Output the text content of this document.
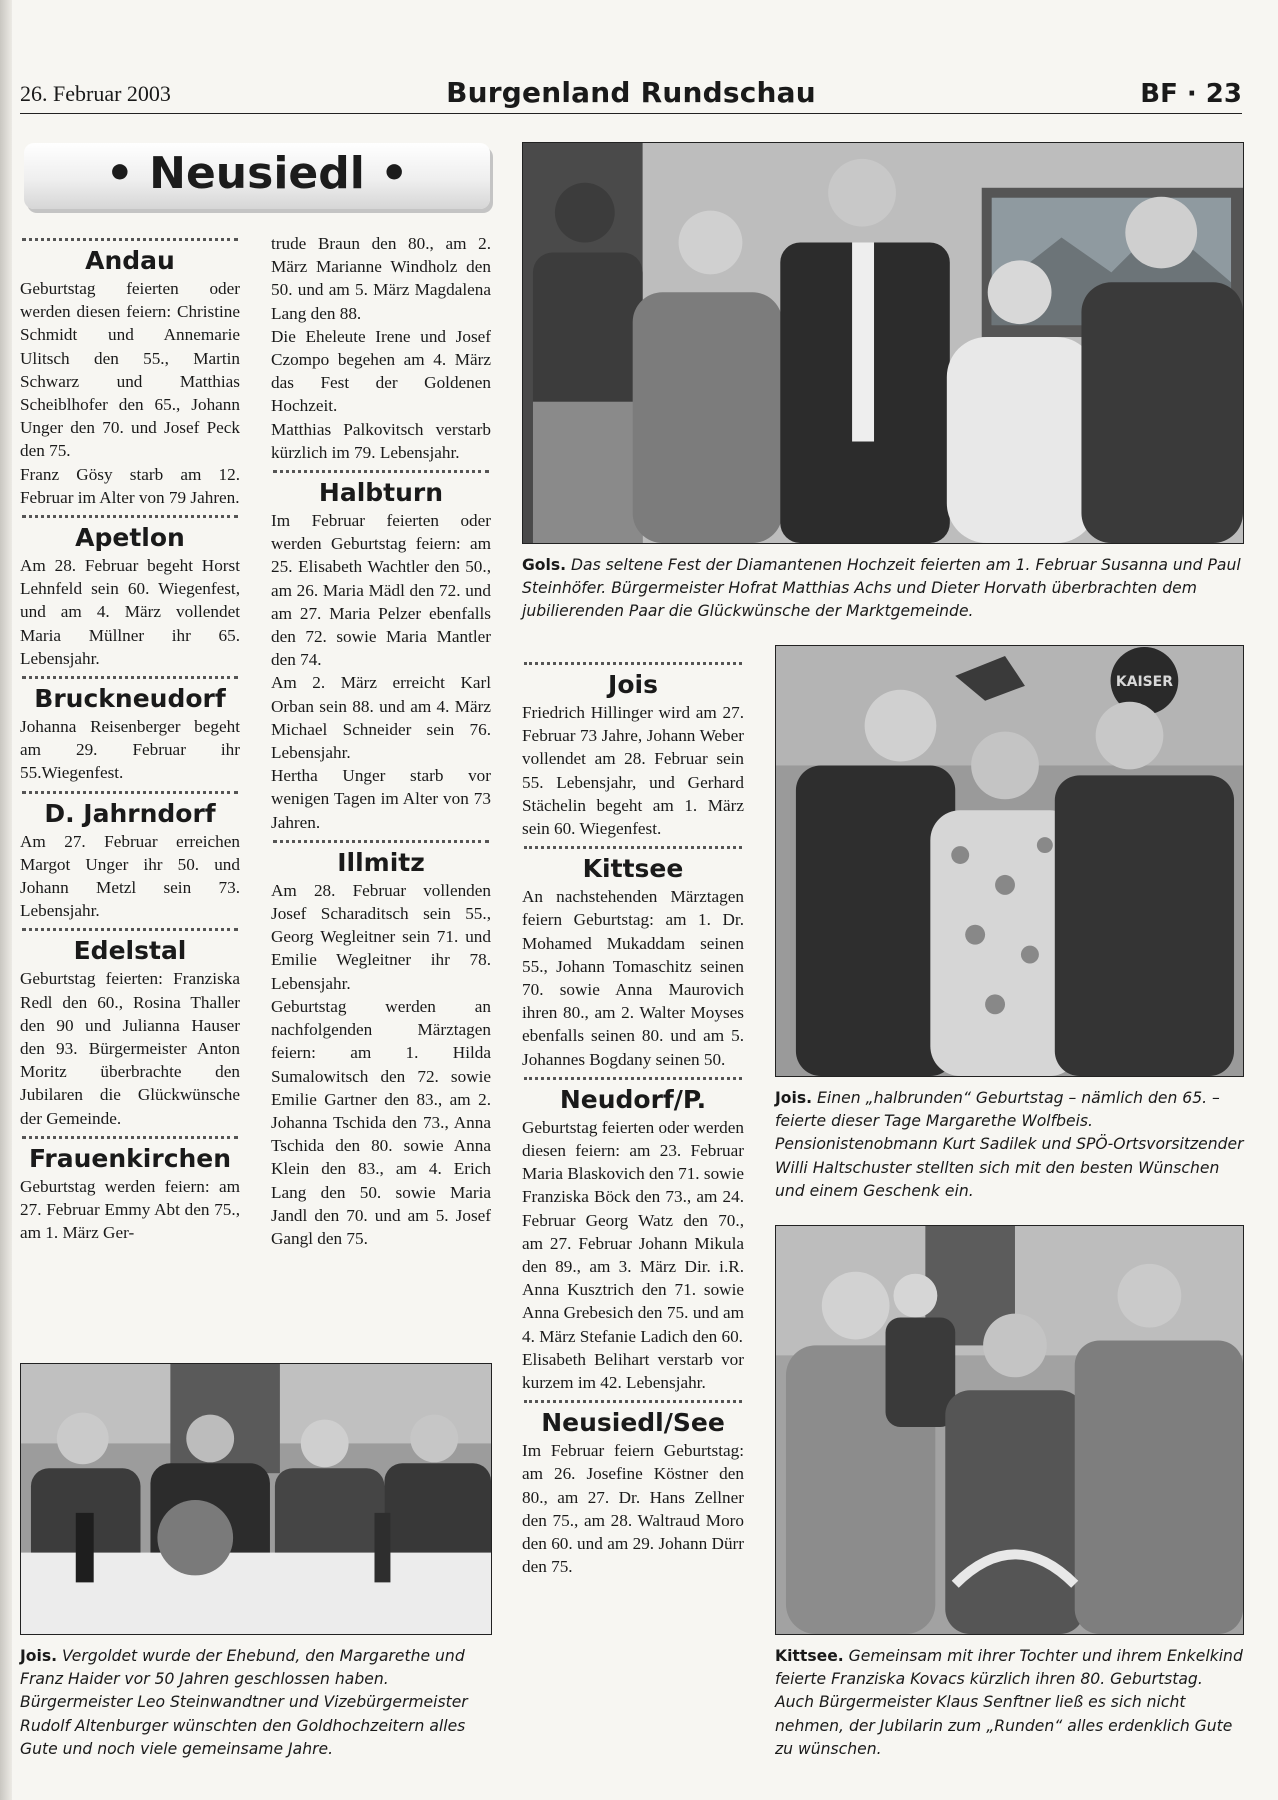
26. Februar 2003	Burgenland Rundschau	BF · 23
• Neusiedl •
Andau

Geburtstag feierten oder werden diesen feiern: Christine Schmidt und Annemarie Ulitsch den 55., Martin Schwarz und Matthias Scheiblhofer den 65., Johann Unger den 70. und Josef Peck den 75.

Franz Gösy starb am 12. Februar im Alter von 79 Jahren.

Apetlon

Am 28. Februar begeht Horst Lehnfeld sein 60. Wiegenfest, und am 4. März vollendet Maria Müllner ihr 65. Lebensjahr.

Bruckneudorf

Johanna Reisenberger begeht am 29. Februar ihr 55.Wiegenfest.

D. Jahrndorf

Am 27. Februar erreichen Margot Unger ihr 50. und Johann Metzl sein 73. Lebensjahr.

Edelstal

Geburtstag feierten: Franziska Redl den 60., Rosina Thaller den 90 und Julianna Hauser den 93. Bürgermeister Anton Moritz überbrachte den Jubilaren die Glückwünsche der Gemeinde.

Frauenkirchen

Geburtstag werden feiern: am 27. Februar Emmy Abt den 75., am 1. März Ger-

trude Braun den 80., am 2. März Marianne Windholz den 50. und am 5. März Magdalena Lang den 88.

Die Eheleute Irene und Josef Czompo begehen am 4. März das Fest der Goldenen Hochzeit.

Matthias Palkovitsch verstarb kürzlich im 79. Lebensjahr.

Halbturn

Im Februar feierten oder werden Geburtstag feiern: am 25. Elisabeth Wachtler den 50., am 26. Maria Mädl den 72. und am 27. Maria Pelzer ebenfalls den 72. sowie Maria Mantler den 74.

Am 2. März erreicht Karl Orban sein 88. und am 4. März Michael Schneider sein 76. Lebensjahr.

Hertha Unger starb vor wenigen Tagen im Alter von 73 Jahren.

Illmitz

Am 28. Februar vollenden Josef Scharaditsch sein 55., Georg Wegleitner sein 71. und Emilie Wegleitner ihr 78. Lebensjahr.

Geburtstag werden an nachfolgenden Märztagen feiern: am 1. Hilda Sumalowitsch den 72. sowie Emilie Gartner den 83., am 2. Johanna Tschida den 73., Anna Tschida den 80. sowie Anna Klein den 83., am 4. Erich Lang den 50. sowie Maria Jandl den 70. und am 5. Josef Gangl den 75.

Jois

Friedrich Hillinger wird am 27. Februar 73 Jahre, Johann Weber vollendet am 28. Februar sein 55. Lebensjahr, und Gerhard Stächelin begeht am 1. März sein 60. Wiegenfest.

Kittsee

An nachstehenden Märztagen feiern Geburtstag: am 1. Dr. Mohamed Mukaddam seinen 55., Johann Tomaschitz seinen 70. sowie Anna Maurovich ihren 80., am 2. Walter Moyses ebenfalls seinen 80. und am 5. Johannes Bogdany seinen 50.

Neudorf/P.

Geburtstag feierten oder werden diesen feiern: am 23. Februar Maria Blaskovich den 71. sowie Franziska Böck den 73., am 24. Februar Georg Watz den 70., am 27. Februar Johann Mikula den 89., am 3. März Dir. i.R. Anna Kusztrich den 71. sowie Anna Grebesich den 75. und am 4. März Stefanie Ladich den 60.

Elisabeth Belihart verstarb vor kurzem im 42. Lebensjahr.

Neusiedl/See

Im Februar feiern Geburtstag: am 26. Josefine Köstner den 80., am 27. Dr. Hans Zellner den 75., am 28. Waltraud Moro den 60. und am 29. Johann Dürr den 75.

Gols. Das seltene Fest der Diamantenen Hochzeit feierten am 1. Februar Susanna und Paul Steinhöfer. Bürgermeister Hofrat Matthias Achs und Dieter Horvath überbrachten dem jubilierenden Paar die Glückwünsche der Marktgemeinde.

KAISER

Jois. Einen „halbrunden“ Geburtstag – nämlich den 65. – feierte dieser Tage Margarethe Wolfbeis. Pensionistenobmann Kurt Sadilek und SPÖ-Ortsvorsitzender Willi Haltschuster stellten sich mit den besten Wünschen und einem Geschenk ein.

Jois. Vergoldet wurde der Ehebund, den Margarethe und Franz Haider vor 50 Jahren geschlossen haben. Bürgermeister Leo Steinwandtner und Vizebürgermeister Rudolf Altenburger wünschten den Goldhochzeitern alles Gute und noch viele gemeinsame Jahre.

Kittsee. Gemeinsam mit ihrer Tochter und ihrem Enkelkind feierte Franziska Kovacs kürzlich ihren 80. Geburtstag. Auch Bürgermeister Klaus Senftner ließ es sich nicht nehmen, der Jubilarin zum „Runden“ alles erdenklich Gute zu wünschen.
